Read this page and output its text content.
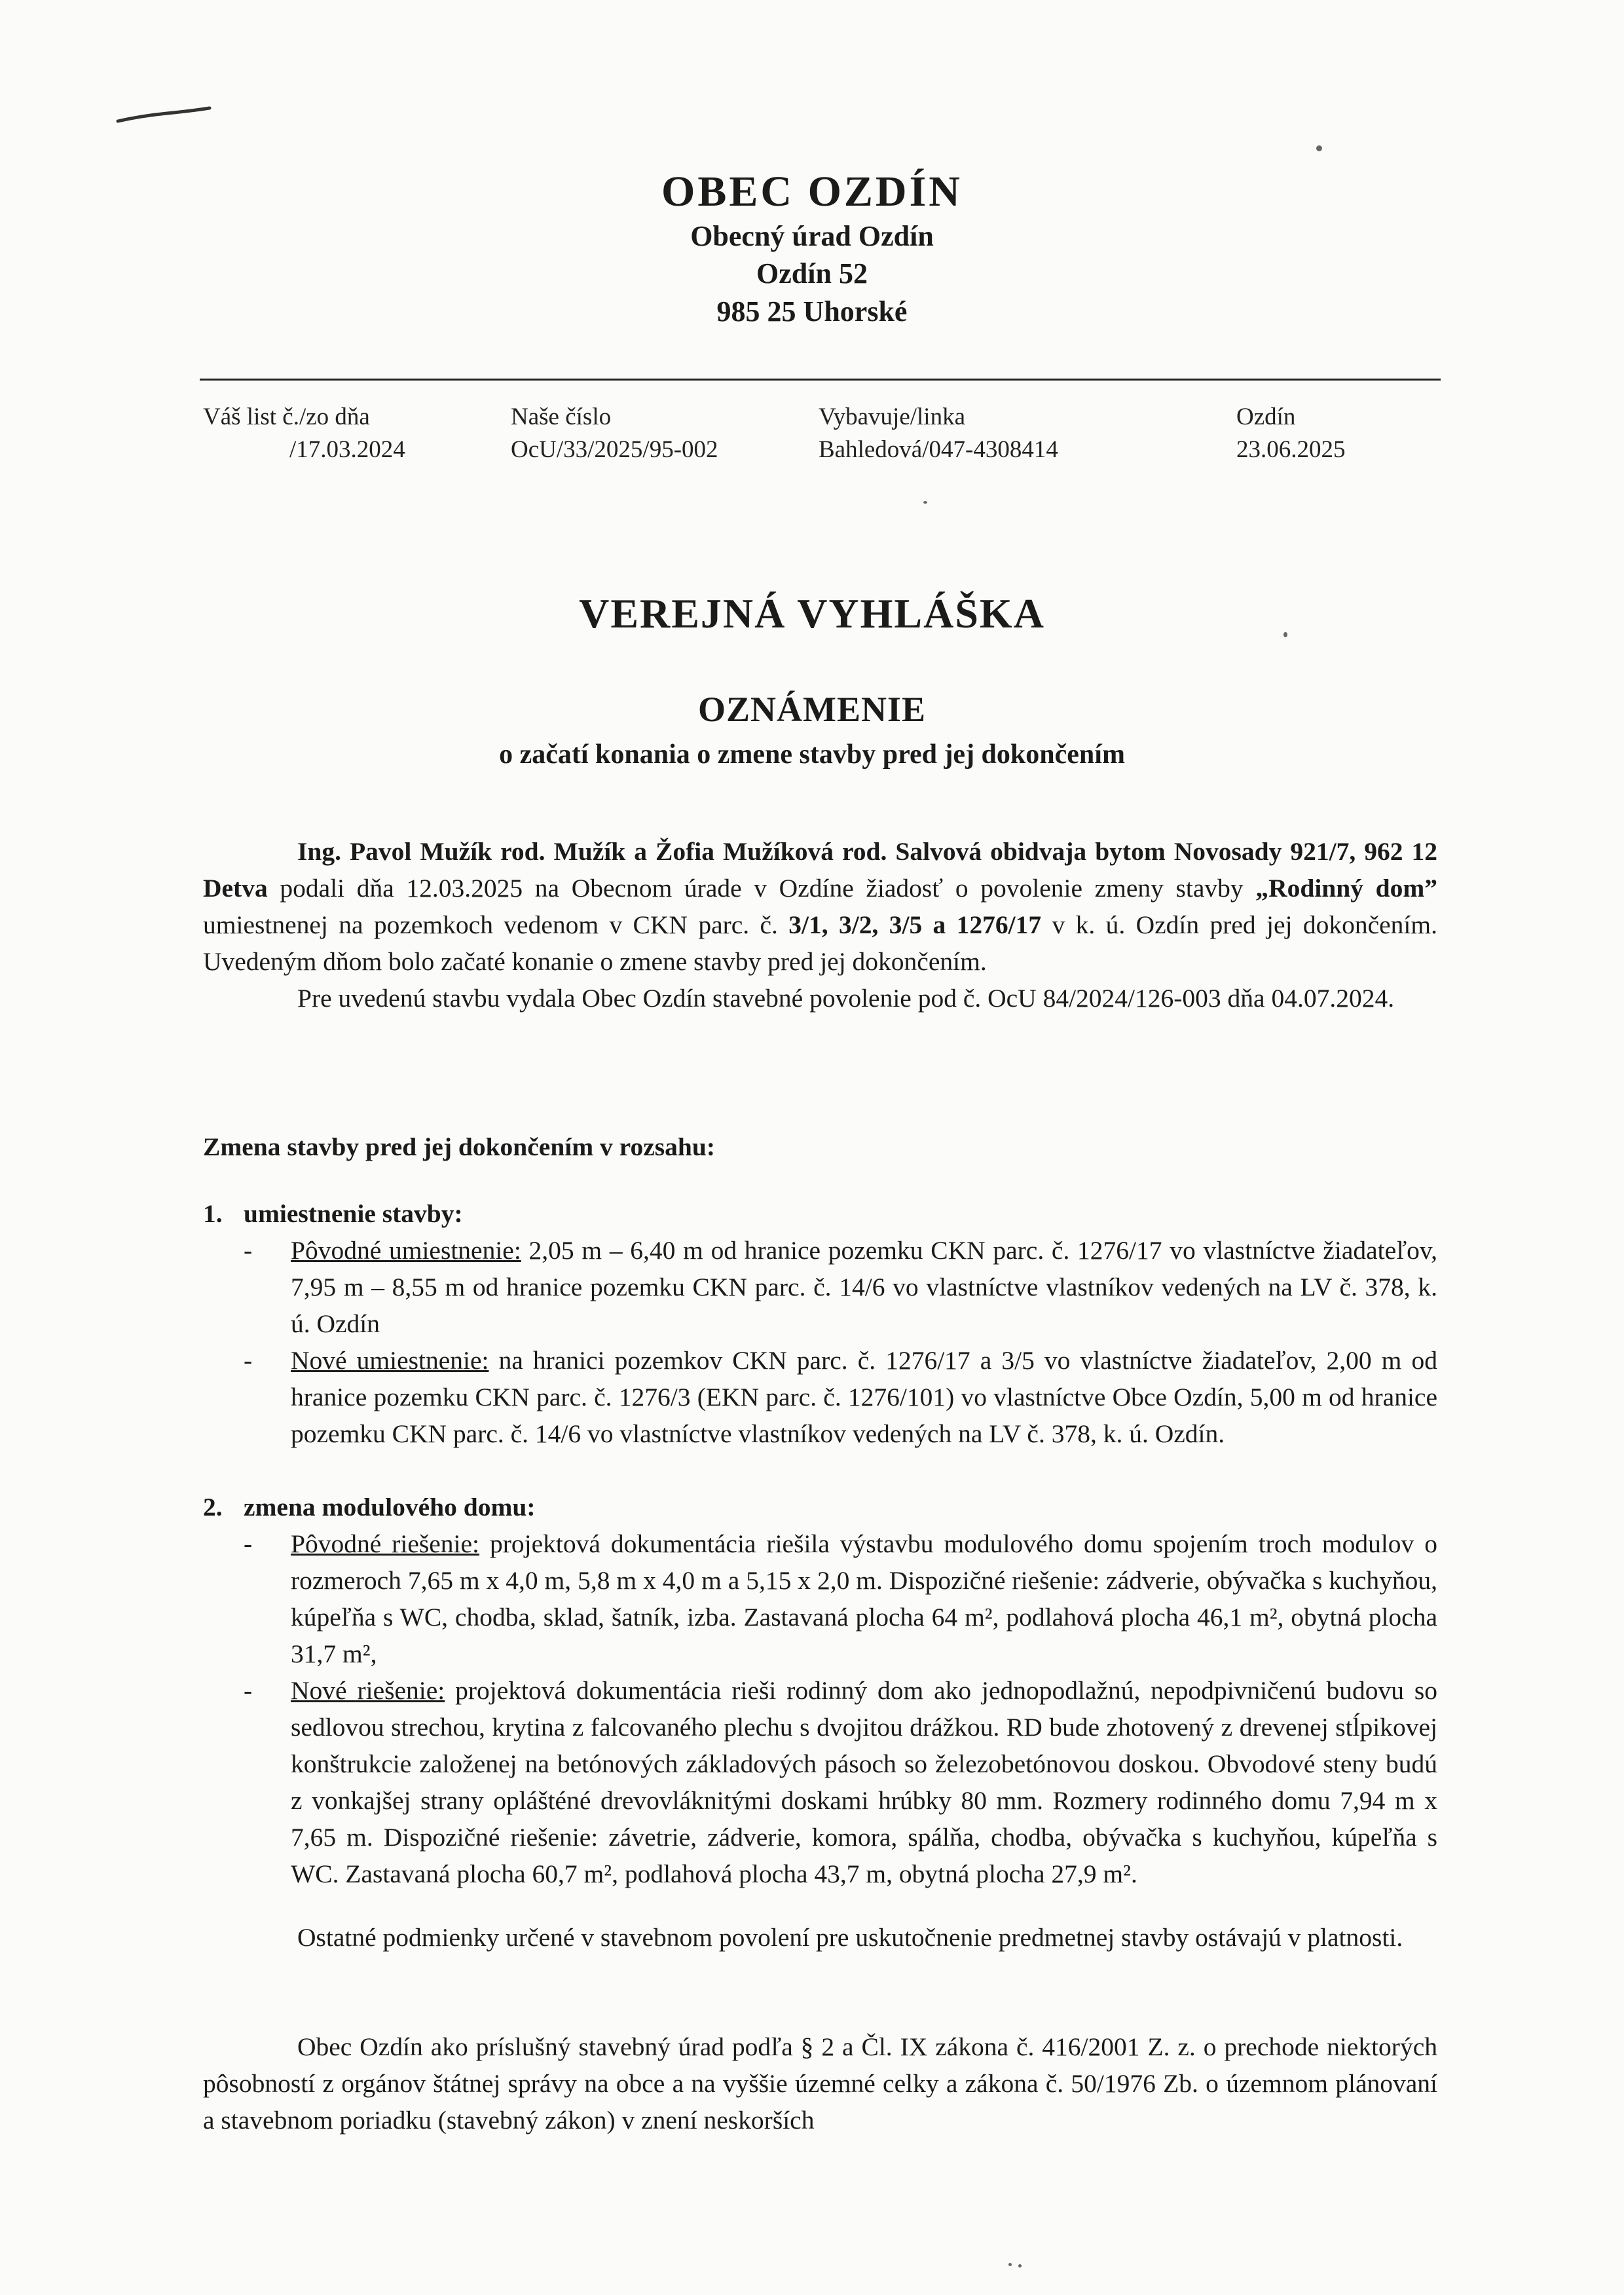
OBEC OZDÍN
Obecný úrad Ozdín
Ozdín 52
985 25 Uhorské
Váš list č./zo dňa
/17.03.2024
Naše číslo
OcU/33/2025/95-002
Vybavuje/linka
Bahledová/047-4308414
Ozdín
23.06.2025
VEREJNÁ VYHLÁŠKA
OZNÁMENIE
o začatí konania o zmene stavby pred jej dokončením

Ing. Pavol Mužík rod. Mužík a Žofia Mužíková rod. Salvová obidvaja bytom Novosady 921/7, 962 12 Detva podali dňa 12.03.2025 na Obecnom úrade v Ozdíne žiadosť o povolenie zmeny stavby „Rodinný dom” umiestnenej na pozemkoch vedenom v CKN parc. č. 3/1, 3/2, 3/5 a 1276/17 v k. ú. Ozdín pred jej dokončením. Uvedeným dňom bolo začaté konanie o zmene stavby pred jej dokončením.

Pre uvedenú stavbu vydala Obec Ozdín stavebné povolenie pod č. OcU 84/2024/126-003 dňa 04.07.2024.

Zmena stavby pred jej dokončením v rozsahu:
1. umiestnenie stavby:
- Pôvodné umiestnenie: 2,05 m – 6,40 m od hranice pozemku CKN parc. č. 1276/17 vo vlastníctve žiadateľov, 7,95 m – 8,55 m od hranice pozemku CKN parc. č. 14/6 vo vlastníctve vlastníkov vedených na LV č. 378, k. ú. Ozdín
- Nové umiestnenie: na hranici pozemkov CKN parc. č. 1276/17 a 3/5 vo vlastníctve žiadateľov, 2,00 m od hranice pozemku CKN parc. č. 1276/3 (EKN parc. č. 1276/101) vo vlastníctve Obce Ozdín, 5,00 m od hranice pozemku CKN parc. č. 14/6 vo vlastníctve vlastníkov vedených na LV č. 378, k. ú. Ozdín.
2. zmena modulového domu:
- Pôvodné riešenie: projektová dokumentácia riešila výstavbu modulového domu spojením troch modulov o rozmeroch 7,65 m x 4,0 m, 5,8 m x 4,0 m a 5,15 x 2,0 m. Dispozičné riešenie: zádverie, obývačka s kuchyňou, kúpeľňa s WC, chodba, sklad, šatník, izba. Zastavaná plocha 64 m², podlahová plocha 46,1 m², obytná plocha 31,7 m²,
- Nové riešenie: projektová dokumentácia rieši rodinný dom ako jednopodlažnú, nepodpivničenú budovu so sedlovou strechou, krytina z falcovaného plechu s dvojitou drážkou. RD bude zhotovený z drevenej stĺpikovej konštrukcie založenej na betónových základových pásoch so železobetónovou doskou. Obvodové steny budú z vonkajšej strany oplášténé drevovláknitými doskami hrúbky 80 mm. Rozmery rodinného domu 7,94 m x 7,65 m. Dispozičné riešenie: závetrie, zádverie, komora, spálňa, chodba, obývačka s kuchyňou, kúpeľňa s WC. Zastavaná plocha 60,7 m², podlahová plocha 43,7 m, obytná plocha 27,9 m².

Ostatné podmienky určené v stavebnom povolení pre uskutočnenie predmetnej stavby ostávajú v platnosti.

Obec Ozdín ako príslušný stavebný úrad podľa § 2 a Čl. IX zákona č. 416/2001 Z. z. o prechode niektorých pôsobností z orgánov štátnej správy na obce a na vyššie územné celky a zákona č. 50/1976 Zb. o územnom plánovaní a stavebnom poriadku (stavebný zákon) v znení neskorších
